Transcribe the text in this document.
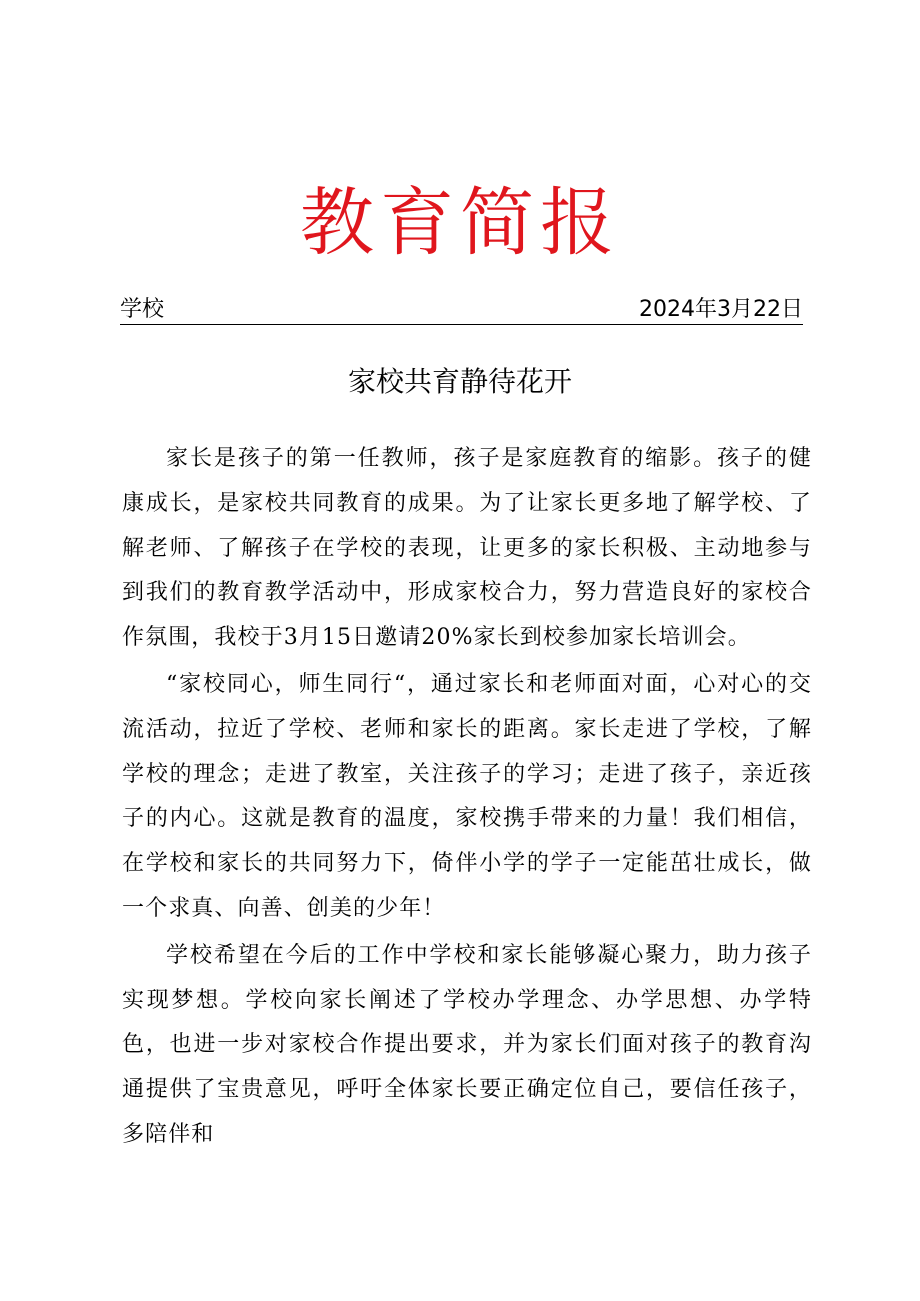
教育简报
学校	2024年3月22日
家校共育静待花开

家长是孩子的第一任教师，孩子是家庭教育的缩影。孩子的健康成长，是家校共同教育的成果。为了让家长更多地了解学校、了解老师、了解孩子在学校的表现，让更多的家长积极、主动地参与到我们的教育教学活动中，形成家校合力，努力营造良好的家校合作氛围，我校于3月15日邀请20%家长到校参加家长培训会。

“家校同心，师生同行“，通过家长和老师面对面，心对心的交流活动，拉近了学校、老师和家长的距离。家长走进了学校，了解学校的理念；走进了教室，关注孩子的学习；走进了孩子，亲近孩子的内心。这就是教育的温度，家校携手带来的力量！我们相信，在学校和家长的共同努力下，倚伴小学的学子一定能茁壮成长，做一个求真、向善、创美的少年！

学校希望在今后的工作中学校和家长能够凝心聚力，助力孩子实现梦想。学校向家长阐述了学校办学理念、办学思想、办学特色，也进一步对家校合作提出要求，并为家长们面对孩子的教育沟通提供了宝贵意见，呼吁全体家长要正确定位自己，要信任孩子，多陪伴和
